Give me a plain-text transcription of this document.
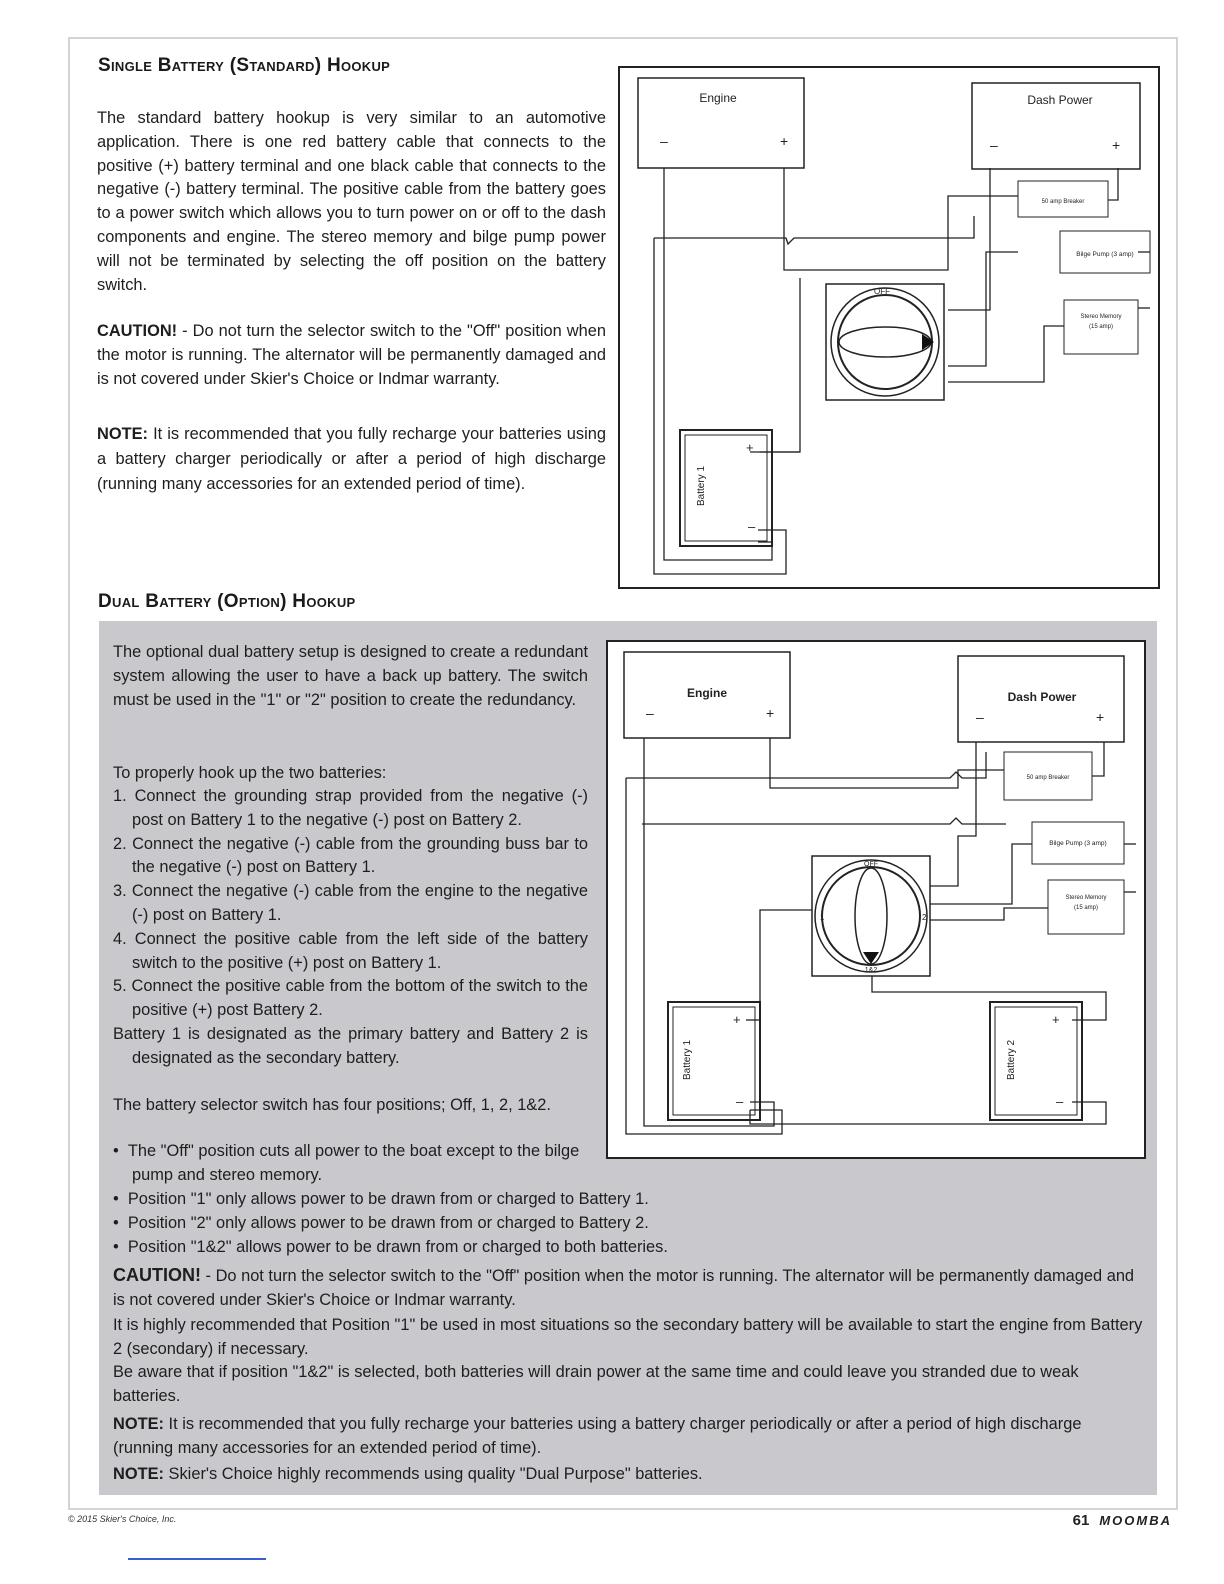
Single Battery (Standard) Hookup

The standard battery hookup is very similar to an automotive application. There is one red battery cable that connects to the positive (+) battery terminal and one black cable that connects to the negative (-) battery terminal. The positive cable from the battery goes to a power switch which allows you to turn power on or off to the dash components and engine. The stereo memory and bilge pump power will not be terminated by selecting the off position on the battery switch.

CAUTION! - Do not turn the selector switch to the "Off" position when the motor is running. The alternator will be permanently damaged and is not covered under Skier's Choice or Indmar warranty.

NOTE: It is recommended that you fully recharge your batteries using a battery charger periodically or after a period of high discharge (running many accessories for an extended period of time).

Engine
–	+
Dash Power
–	+
50 amp Breaker
Bilge Pump (3 amp)
Stereo Memory
(15 amp)
OFF
Battery 1
+
–
Dual Battery (Option) Hookup

The optional dual battery setup is designed to create a redundant system allowing the user to have a back up battery. The switch must be used in the "1" or "2" position to create the redundancy.

To properly hook up the two batteries:

1. Connect the grounding strap provided from the negative (-) post on Battery 1 to the negative (-) post on Battery 2.
2. Connect the negative (-) cable from the grounding buss bar to the negative (-) post on Battery 1.
3. Connect the negative (-) cable from the engine to the negative (-) post on Battery 1.
4. Connect the positive cable from the left side of the battery switch to the positive (+) post on Battery 1.
5. Connect the positive cable from the bottom of the switch to the positive (+) post Battery 2.
Battery 1 is designated as the primary battery and Battery 2 is designated as the secondary battery.

The battery selector switch has four positions; Off, 1, 2, 1&2.

•  The "Off" position cuts all power to the boat except to the bilge pump and stereo memory.
•  Position "1" only allows power to be drawn from or charged to Battery 1.
•  Position "2" only allows power to be drawn from or charged to Battery 2.
•  Position "1&2" allows power to be drawn from or charged to both batteries.

CAUTION! - Do not turn the selector switch to the "Off" position when the motor is running. The alternator will be permanently damaged and is not covered under Skier's Choice or Indmar warranty.

It is highly recommended that Position "1" be used in most situations so the secondary battery will be available to start the engine from Battery 2 (secondary) if necessary.

Be aware that if position "1&2" is selected, both batteries will drain power at the same time and could leave you stranded due to weak batteries.

NOTE: It is recommended that you fully recharge your batteries using a battery charger periodically or after a period of high discharge (running many accessories for an extended period of time).

NOTE: Skier's Choice highly recommends using quality "Dual Purpose" batteries.

Engine
–	+
Dash Power
–	+
50 amp Breaker
Bilge Pump (3 amp)
Stereo Memory
(15 amp)
OFF
1	2
1&2
Battery 1
+
–
Battery 2
+
–
© 2015 Skier's Choice, Inc.	61 MOOMBA
